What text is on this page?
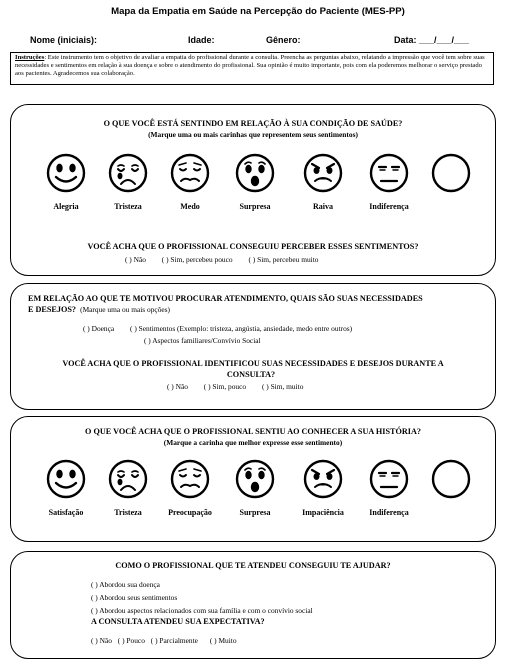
Mapa da Empatia em Saúde na Percepção do Paciente (MES-PP)
Nome (iniciais):	Idade:	Gênero:	Data: ___/___/___
Instruções: Este instrumento tem o objetivo de avaliar a empatia do profissional durante a consulta. Preencha as perguntas abaixo, relatando a impressão que você tem sobre suas necessidades e sentimentos em relação à sua doença e sobre o atendimento do profissional. Sua opinião é muito importante, pois com ela poderemos melhorar o serviço prestado aos pacientes. Agradecemos sua colaboração.
O QUE VOCÊ ESTÁ SENTINDO EM RELAÇÃO À SUA CONDIÇÃO DE SAÚDE?
(Marque uma ou mais carinhas que representem seus sentimentos)
Alegria	Tristeza	Medo	Surpresa	Raiva	Indiferença
VOCÊ ACHA QUE O PROFISSIONAL CONSEGUIU PERCEBER ESSES SENTIMENTOS?
( ) Não ( ) Sim, percebeu pouco ( ) Sim, percebeu muito
EM RELAÇÃO AO QUE TE MOTIVOU PROCURAR ATENDIMENTO, QUAIS SÃO SUAS NECESSIDADES
E DESEJOS? (Marque uma ou mais opções)
( ) Doença ( ) Sentimentos (Exemplo: tristeza, angústia, ansiedade, medo entre outros)
( ) Aspectos familiares/Convívio Social
VOCÊ ACHA QUE O PROFISSIONAL IDENTIFICOU SUAS NECESSIDADES E DESEJOS DURANTE A
CONSULTA?
( ) Não ( ) Sim, pouco ( ) Sim, muito
O QUE VOCÊ ACHA QUE O PROFISSIONAL SENTIU AO CONHECER A SUA HISTÓRIA?
(Marque a carinha que melhor expresse esse sentimento)
Satisfação	Tristeza	Preocupação	Surpresa	Impaciência	Indiferença
COMO O PROFISSIONAL QUE TE ATENDEU CONSEGUIU TE AJUDAR?
( ) Abordou sua doença
( ) Abordou seus sentimentos
( ) Abordou aspectos relacionados com sua família e com o convívio social
A CONSULTA ATENDEU SUA EXPECTATIVA?
( ) Não ( ) Pouco ( ) Parcialmente ( ) Muito
